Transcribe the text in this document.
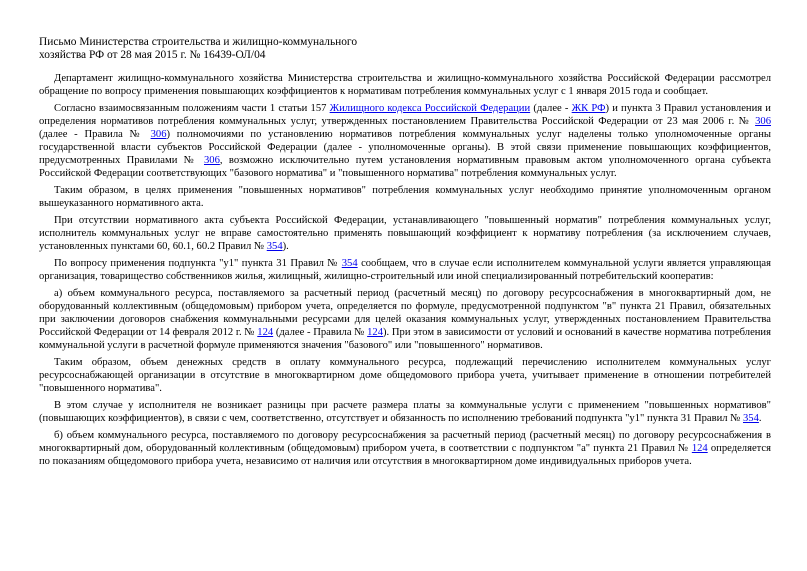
Письмо Министерства строительства и жилищно-коммунального
хозяйства РФ от 28 мая 2015 г. № 16439-ОЛ/04

Департамент жилищно-коммунального хозяйства Министерства строительства и жилищно-коммунального хозяйства Российской Федерации рассмотрел обращение по вопросу применения повышающих коэффициентов к нормативам потребления коммунальных услуг с 1 января 2015 года и сообщает.

Согласно взаимосвязанным положениям части 1 статьи 157 Жилищного кодекса Российской Федерации (далее - ЖК РФ) и пункта 3 Правил установления и определения нормативов потребления коммунальных услуг, утвержденных постановлением Правительства Российской Федерации от 23 мая 2006 г. № 306 (далее - Правила № 306) полномочиями по установлению нормативов потребления коммунальных услуг наделены только уполномоченные органы государственной власти субъектов Российской Федерации (далее - уполномоченные органы). В этой связи применение повышающих коэффициентов, предусмотренных Правилами № 306, возможно исключительно путем установления нормативным правовым актом уполномоченного органа субъекта Российской Федерации соответствующих "базового норматива" и "повышенного норматива" потребления коммунальных услуг.

Таким образом, в целях применения "повышенных нормативов" потребления коммунальных услуг необходимо принятие уполномоченным органом вышеуказанного нормативного акта.

При отсутствии нормативного акта субъекта Российской Федерации, устанавливающего "повышенный норматив" потребления коммунальных услуг, исполнитель коммунальных услуг не вправе самостоятельно применять повышающий коэффициент к нормативу потребления (за исключением случаев, установленных пунктами 60, 60.1, 60.2 Правил № 354).

По вопросу применения подпункта "у1" пункта 31 Правил № 354 сообщаем, что в случае если исполнителем коммунальной услуги является управляющая организация, товарищество собственников жилья, жилищный, жилищно-строительный или иной специализированный потребительский кооператив:

а) объем коммунального ресурса, поставляемого за расчетный период (расчетный месяц) по договору ресурсоснабжения в многоквартирный дом, не оборудованный коллективным (общедомовым) прибором учета, определяется по формуле, предусмотренной подпунктом "в" пункта 21 Правил, обязательных при заключении договоров снабжения коммунальными ресурсами для целей оказания коммунальных услуг, утвержденных постановлением Правительства Российской Федерации от 14 февраля 2012 г. № 124 (далее - Правила № 124). При этом в зависимости от условий и оснований в качестве норматива потребления коммунальной услуги в расчетной формуле применяются значения "базового" или "повышенного" нормативов.

Таким образом, объем денежных средств в оплату коммунального ресурса, подлежащий перечислению исполнителем коммунальных услуг ресурсоснабжающей организации в отсутствие в многоквартирном доме общедомового прибора учета, учитывает применение в отношении потребителей "повышенного норматива".

В этом случае у исполнителя не возникает разницы при расчете размера платы за коммунальные услуги с применением "повышенных нормативов" (повышающих коэффициентов), в связи с чем, соответственно, отсутствует и обязанность по исполнению требований подпункта "у1" пункта 31 Правил № 354.

б) объем коммунального ресурса, поставляемого по договору ресурсоснабжения за расчетный период (расчетный месяц) по договору ресурсоснабжения в многоквартирный дом, оборудованный коллективным (общедомовым) прибором учета, в соответствии с подпунктом "а" пункта 21 Правил № 124 определяется по показаниям общедомового прибора учета, независимо от наличия или отсутствия в многоквартирном доме индивидуальных приборов учета.
